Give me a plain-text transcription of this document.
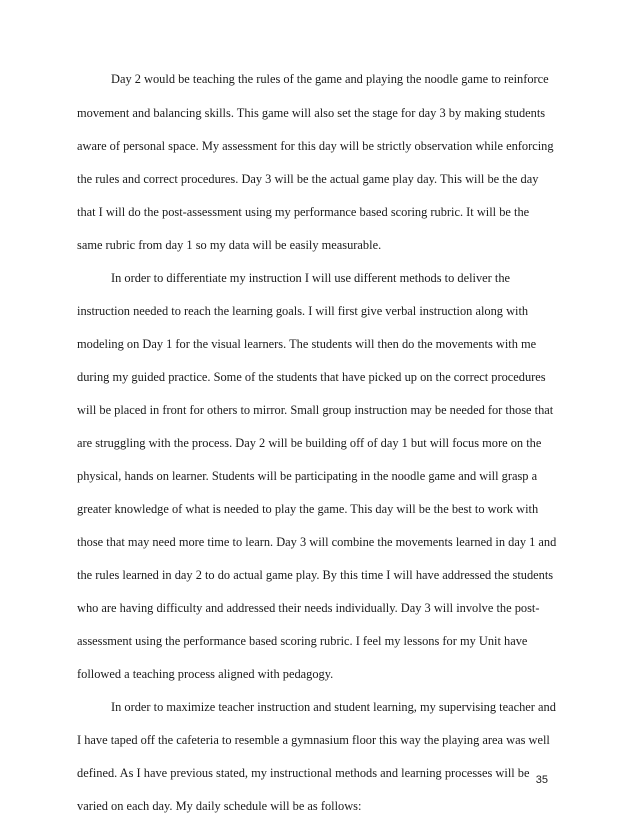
Day 2 would be teaching the rules of the game and playing the noodle game to reinforce
movement and balancing skills. This game will also set the stage for day 3 by making students
aware of personal space. My assessment for this day will be strictly observation while enforcing
the rules and correct procedures. Day 3 will be the actual game play day. This will be the day
that I will do the post-assessment using my performance based scoring rubric. It will be the
same rubric from day 1 so my data will be easily measurable.
In order to differentiate my instruction I will use different methods to deliver the
instruction needed to reach the learning goals. I will first give verbal instruction along with
modeling on Day 1 for the visual learners. The students will then do the movements with me
during my guided practice. Some of the students that have picked up on the correct procedures
will be placed in front for others to mirror. Small group instruction may be needed for those that
are struggling with the process. Day 2 will be building off of day 1 but will focus more on the
physical, hands on learner. Students will be participating in the noodle game and will grasp a
greater knowledge of what is needed to play the game. This day will be the best to work with
those that may need more time to learn. Day 3 will combine the movements learned in day 1 and
the rules learned in day 2 to do actual game play. By this time I will have addressed the students
who are having difficulty and addressed their needs individually. Day 3 will involve the post-
assessment using the performance based scoring rubric. I feel my lessons for my Unit have
followed a teaching process aligned with pedagogy.
In order to maximize teacher instruction and student learning, my supervising teacher and
I have taped off the cafeteria to resemble a gymnasium floor this way the playing area was well
defined. As I have previous stated, my instructional methods and learning processes will be
varied on each day. My daily schedule will be as follows:
35
